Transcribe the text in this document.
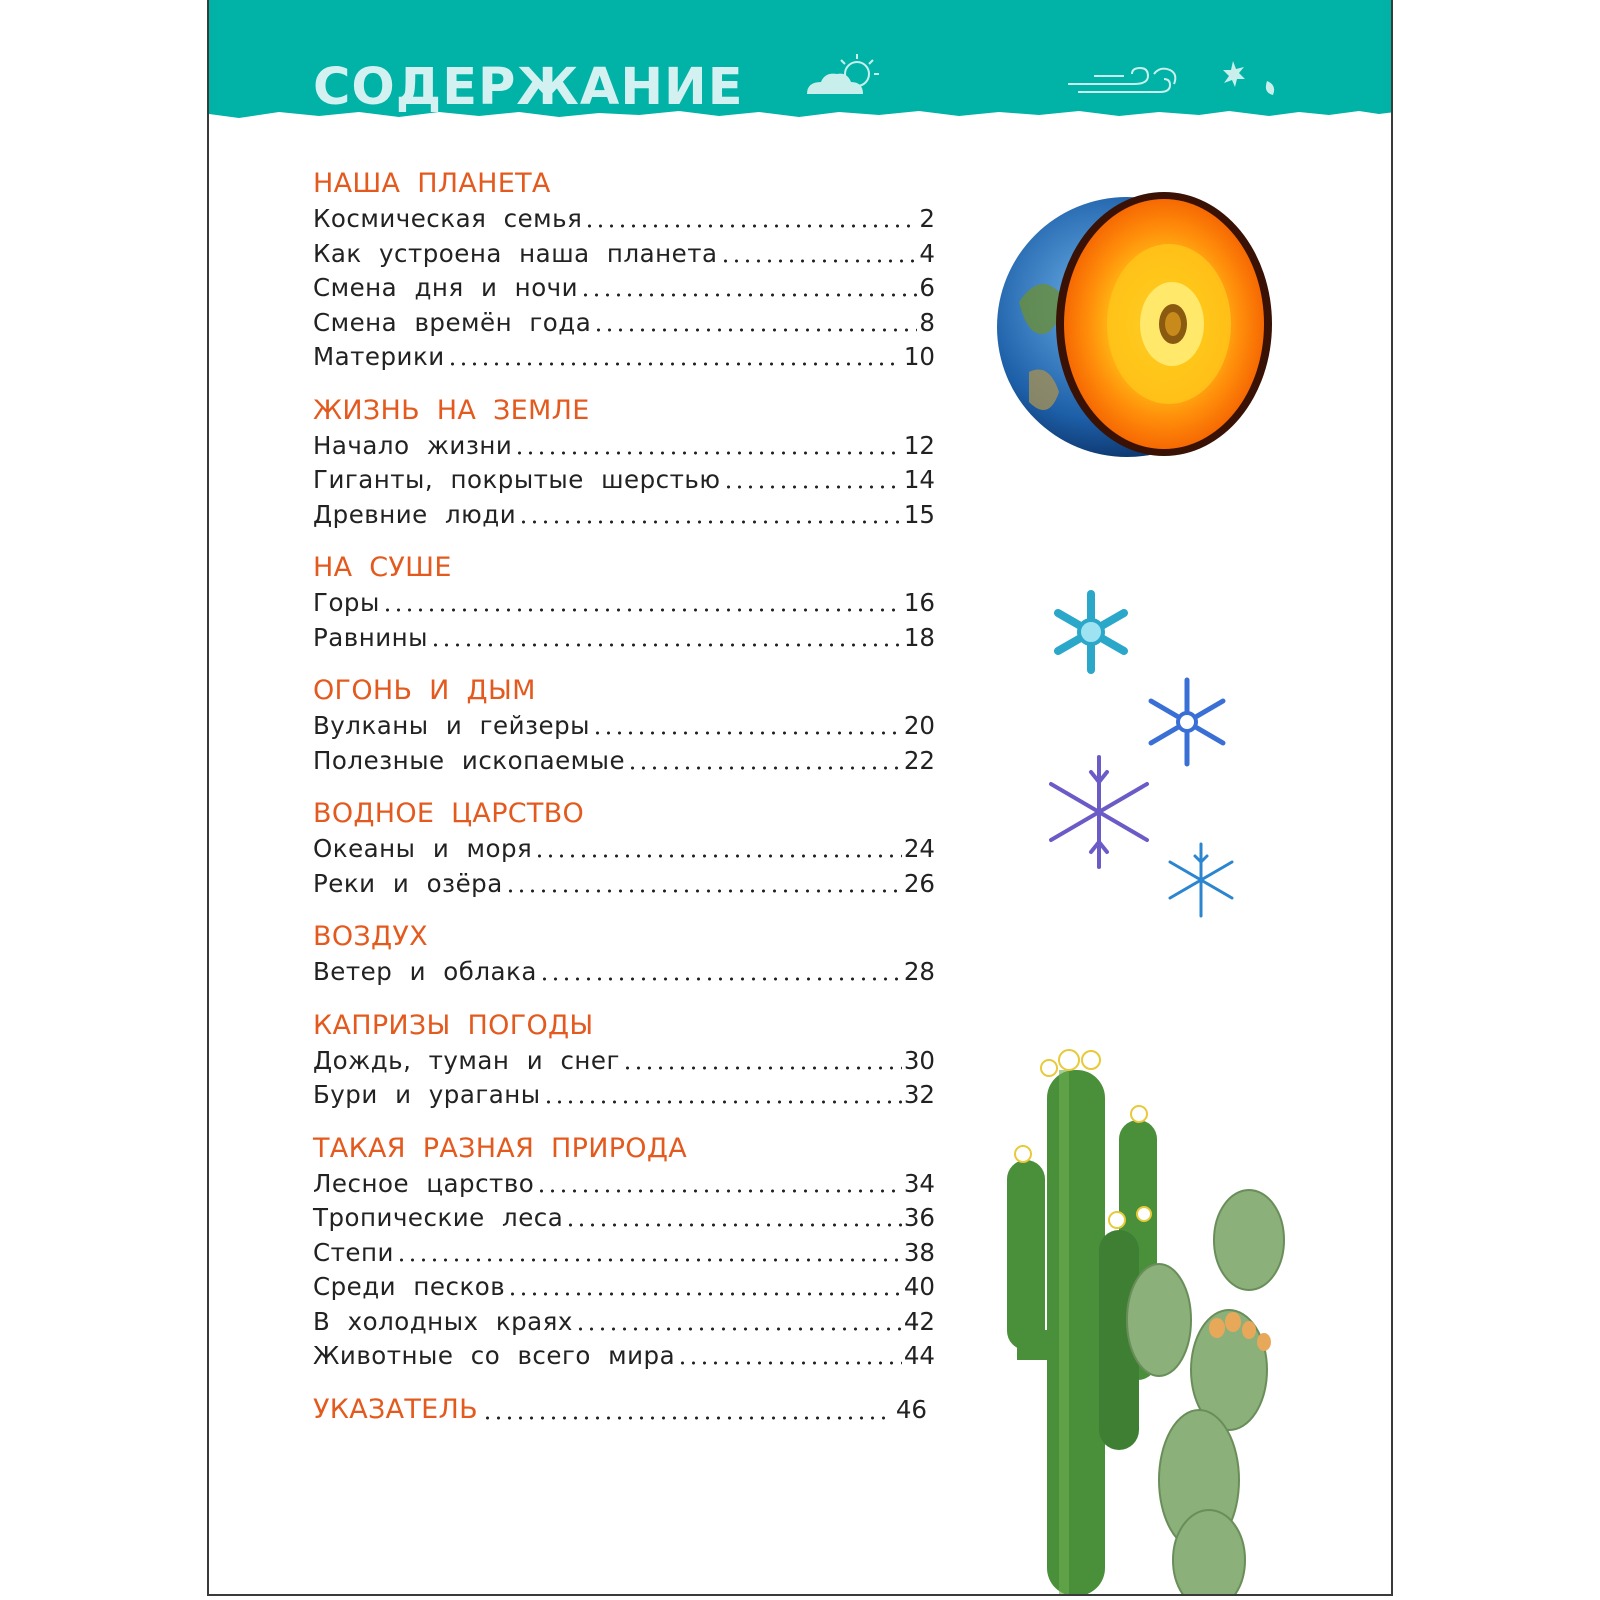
СОДЕРЖАНИЕ
НАША ПЛАНЕТА
Космическая семья	2
Как устроена наша планета	4
Смена дня и ночи	6
Смена времён года	8
Материки	10
ЖИЗНЬ НА ЗЕМЛЕ
Начало жизни	12
Гиганты, покрытые шерстью	14
Древние люди	15
НА СУШЕ
Горы	16
Равнины	18
ОГОНЬ И ДЫМ
Вулканы и гейзеры	20
Полезные ископаемые	22
ВОДНОЕ ЦАРСТВО
Океаны и моря	24
Реки и озёра	26
ВОЗДУХ
Ветер и облака	28
КАПРИЗЫ ПОГОДЫ
Дождь, туман и снег	30
Бури и ураганы	32
ТАКАЯ РАЗНАЯ ПРИРОДА
Лесное царство	34
Тропические леса	36
Степи	38
Среди песков	40
В холодных краях	42
Животные со всего мира	44
УКАЗАТЕЛЬ	46
